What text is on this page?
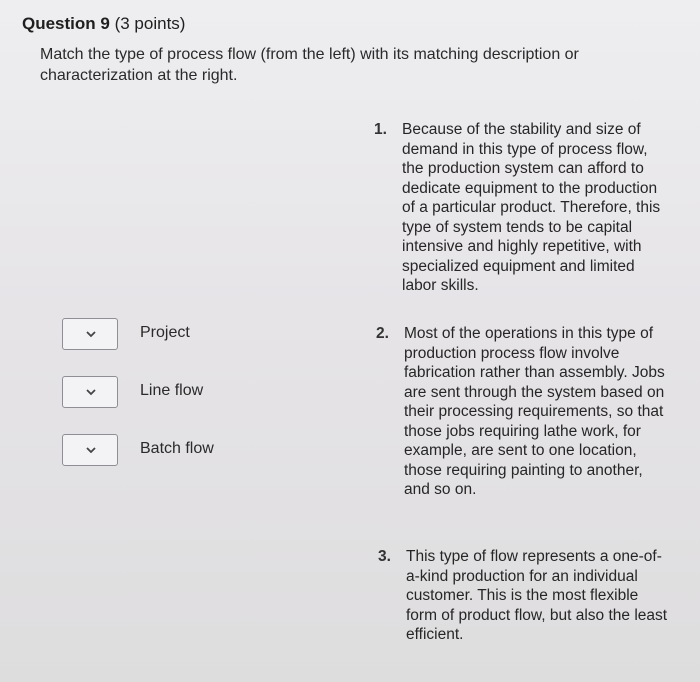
Question 9 (3 points)
Match the type of process flow (from the left) with its matching description or characterization at the right.
Project
Line flow
Batch flow
1. Because of the stability and size of demand in this type of process flow, the production system can afford to dedicate equipment to the production of a particular product. Therefore, this type of system tends to be capital intensive and highly repetitive, with specialized equipment and limited labor skills.
2. Most of the operations in this type of production process flow involve fabrication rather than assembly. Jobs are sent through the system based on their processing requirements, so that those jobs requiring lathe work, for example, are sent to one location, those requiring painting to another, and so on.
3. This type of flow represents a one-of-a-kind production for an individual customer. This is the most flexible form of product flow, but also the least efficient.
